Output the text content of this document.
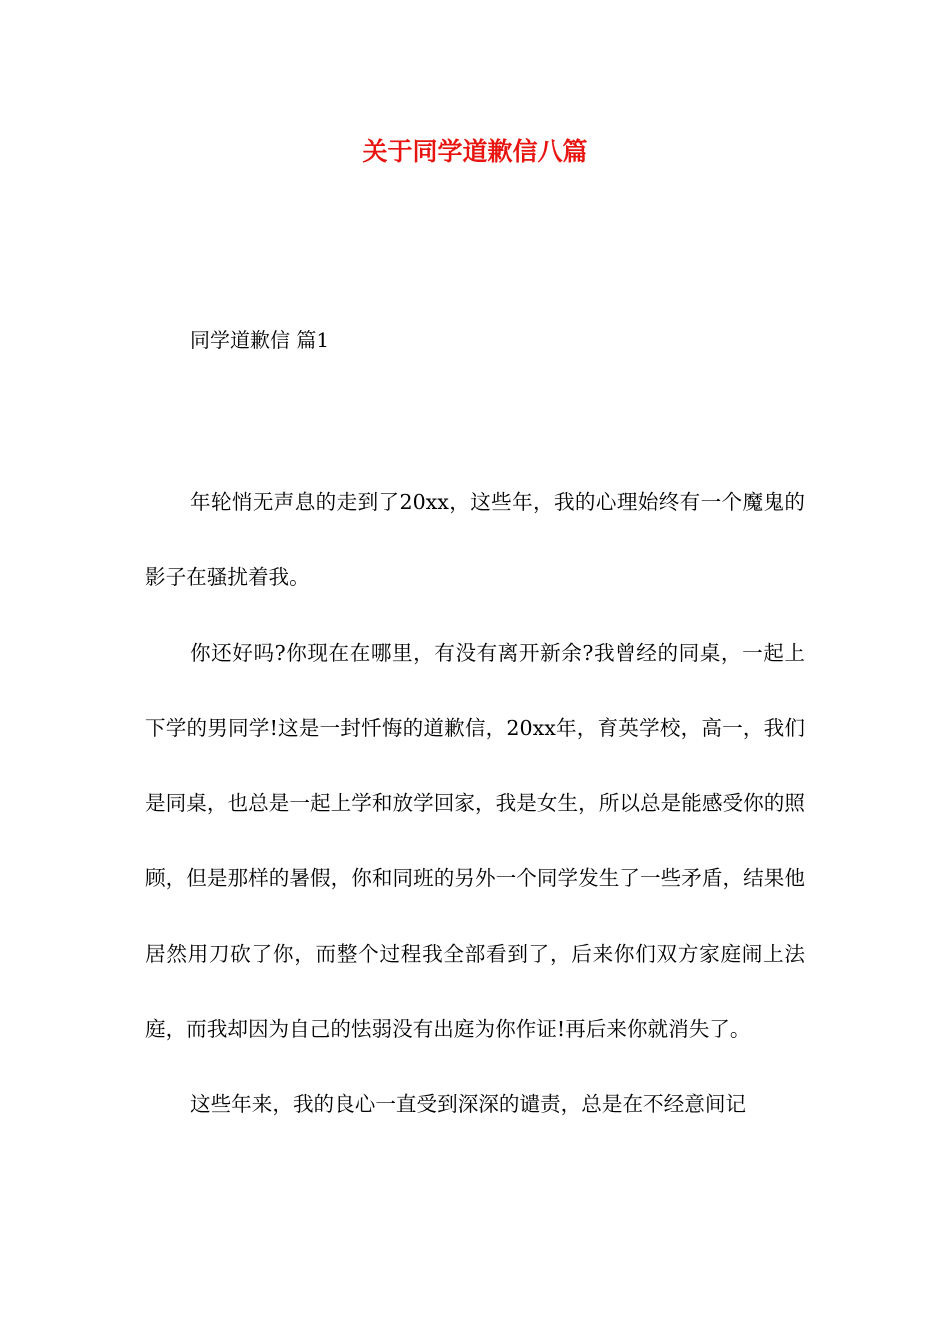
关于同学道歉信八篇

同学道歉信 篇1

年轮悄无声息的走到了20xx，这些年，我的心理始终有一个魔鬼的影子在骚扰着我。

你还好吗?你现在在哪里，有没有离开新余?我曾经的同桌，一起上下学的男同学!这是一封忏悔的道歉信，20xx年，育英学校，高一，我们是同桌，也总是一起上学和放学回家，我是女生，所以总是能感受你的照顾，但是那样的暑假，你和同班的另外一个同学发生了一些矛盾，结果他居然用刀砍了你，而整个过程我全部看到了，后来你们双方家庭闹上法庭，而我却因为自己的怯弱没有出庭为你作证!再后来你就消失了。

这些年来，我的良心一直受到深深的谴责，总是在不经意间记
